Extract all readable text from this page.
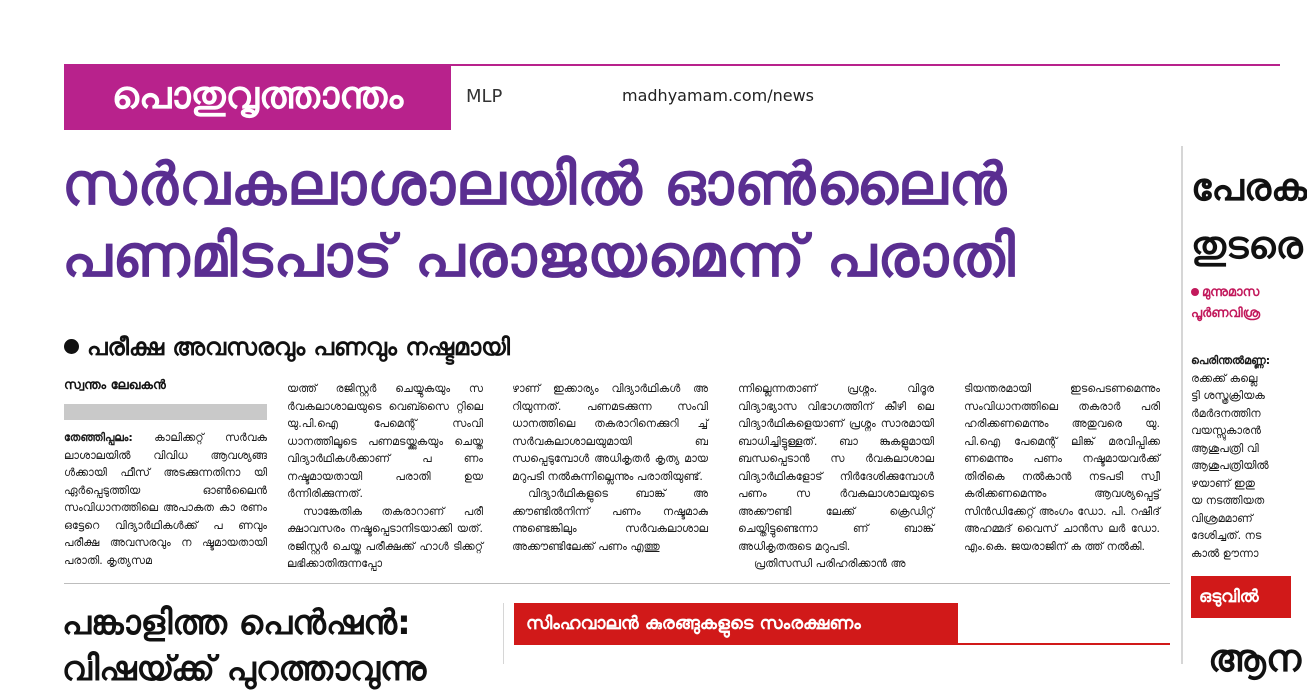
പൊതുവൃത്താന്തം	MLP	madhyamam.com/news
സർവകലാശാലയിൽ ഓൺലൈൻ
പണമിടപാട് പരാജയമെന്ന് പരാതി
പരീക്ഷ അവസരവും പണവും നഷ്ടമായി
സ്വന്തം ലേഖകൻ

തേഞ്ഞിപ്പലം: കാലിക്കറ്റ് സർവക ലാശാലയിൽ വിവിധ ആവശ്യങ്ങ ൾക്കായി ഫീസ് അടക്കുന്നതിനാ യി ഏർപ്പെടുത്തിയ ഓൺലൈൻ സംവിധാനത്തിലെ അപാകത കാ രണം ഒട്ടേറെ വിദ്യാർഥികൾക്ക് പ ണവും പരീക്ഷ അവസരവും ന ഷ്ടമായതായി പരാതി. കൃത്യസമ

യത്ത് രജിസ്റ്റർ ചെയ്യുകയും സ ർവകലാശാലയുടെ വെബ്സൈ റ്റിലെ യു.പി.ഐ പേമെന്റ് സംവി ധാനത്തിലൂടെ പണമടയ്ക്കുകയും ചെയ്ത വിദ്യാർഥികൾക്കാണ് പ ണം നഷ്ടമായതായി പരാതി ഉയ ർന്നിരിക്കുന്നത്.

സാങ്കേതിക തകരാറാണ് പരീ ക്ഷാവസരം നഷ്ടപ്പെടാനിടയാക്കി യത്. രജിസ്റ്റർ ചെയ്ത പരീക്ഷക്ക് ഹാൾ ടിക്കറ്റ് ലഭിക്കാതിരുന്നപ്പോ

ഴാണ് ഇക്കാര്യം വിദ്യാർഥികൾ അ റിയുന്നത്. പണമടക്കുന്ന സംവി ധാനത്തിലെ തകരാറിനെക്കുറി ച്ച് സർവകലാശാലയുമായി ബ ന്ധപ്പെടുമ്പോൾ അധികൃതർ കൃത്യ മായ മറുപടി നൽകുന്നില്ലെന്നും പരാതിയുണ്ട്.

വിദ്യാർഥികളുടെ ബാങ്ക് അ ക്കൗണ്ടിൽനിന്ന് പണം നഷ്ടമാകു ന്നുണ്ടെങ്കിലും സർവകലാശാല അക്കൗണ്ടിലേക്ക് പണം എത്തു

ന്നില്ലെന്നതാണ് പ്രശ്നം. വിദൂര വിദ്യാഭ്യാസ വിഭാഗത്തിന് കീഴി ലെ വിദ്യാർഥികളെയാണ് പ്രശ്നം സാരമായി ബാധിച്ചിട്ടുള്ളത്. ബാ ങ്കുകളുമായി ബന്ധപ്പെടാൻ സ ർവകലാശാല വിദ്യാർഥികളോട് നിർദേശിക്കുമ്പോൾ പണം സ ർവകലാശാലയുടെ അക്കൗണ്ടി ലേക്ക് ക്രെഡിറ്റ് ചെയ്തിട്ടുണ്ടെന്നാ ണ് ബാങ്ക് അധികൃതരുടെ മറുപടി.

പ്രതിസന്ധി പരിഹരിക്കാൻ അ

ടിയന്തരമായി ഇടപെടണമെന്നും സംവിധാനത്തിലെ തകരാർ പരി ഹരിക്കണമെന്നും അതുവരെ യു. പി.ഐ പേമെന്റ് ലിങ്ക് മരവിപ്പിക്ക ണമെന്നും പണം നഷ്ടമായവർക്ക് തിരികെ നൽകാൻ നടപടി സ്വീ കരിക്കണമെന്നും ആവശ്യപ്പെട്ട് സിൻഡിക്കേറ്റ് അംഗം ഡോ. പി. റഷീദ് അഹമ്മദ് വൈസ് ചാൻസ ലർ ഡോ. എം.കെ. ജയരാജിന് ക ത്ത് നൽകി.

പേരക
തുടരെ
മുന്നുമാസ
പൂർണവിശ്ര
പെരിന്തൽമണ്ണ:
രക്കക്ക് കല്ലെ
ട്ടി ശസ്ത്രക്രിയക
ർമർദനത്തിന
വയസ്സുകാരൻ
ആശുപത്രി വി
ആശുപത്രിയിൽ
ഴയാണ് ഇതു
യ നടത്തിയത
വിശ്രമമാണ്
ദേശിച്ചത്. നട
കാൽ ഊന്നാ
ഒടുവിൽ
ആന
പങ്കാളിത്ത പെൻഷൻ:
വിഷയ്‍ക്ക് പുറത്താവുന്നു
സിംഹവാലൻ കുരങ്ങുകളുടെ സംരക്ഷണം
